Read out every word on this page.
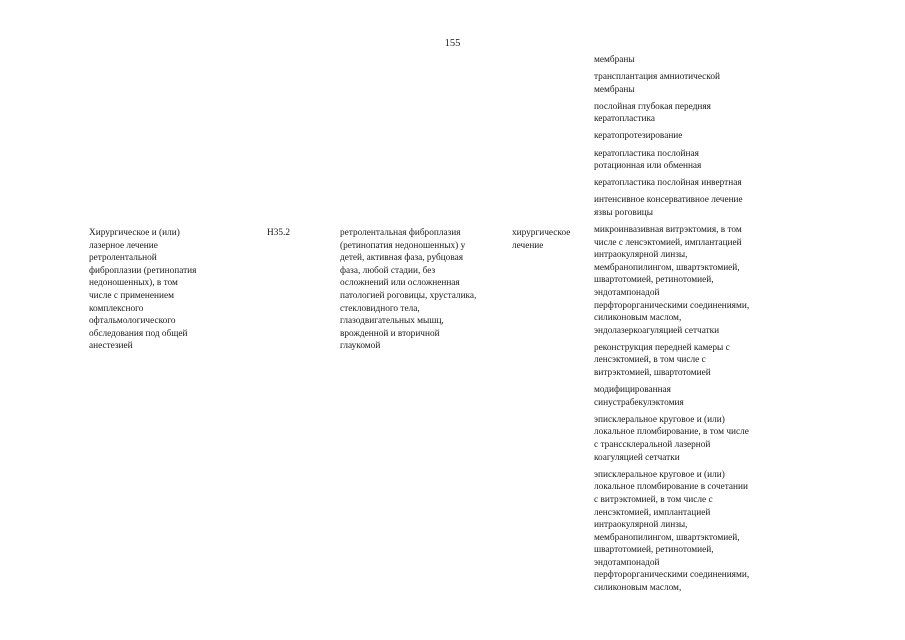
155
Хирургическое и (или)
лазерное лечение
ретролентальной
фиброплазии (ретинопатия
недоношенных), в том
числе с применением
комплексного
офтальмологического
обследования под общей
анестезией
H35.2	ретролентальная фиброплазия
(ретинопатия недоношенных) у
детей, активная фаза, рубцовая
фаза, любой стадии, без
осложнений или осложненная
патологией роговицы, хрусталика,
стекловидного тела,
глазодвигательных мышц,
врожденной и вторичной
глаукомой
хирургическое
лечение
мембраны
трансплантация амниотической
мембраны
послойная глубокая передняя
кератопластика
кератопротезирование
кератопластика послойная
ротационная или обменная
кератопластика послойная инвертная
интенсивное консервативное лечение
язвы роговицы
микроинвазивная витрэктомия, в том
числе с ленсэктомией, имплантацией
интраокулярной линзы,
мембранопилингом, швартэктомией,
швартотомией, ретинотомией,
эндотампонадой
перфторорганическими соединениями,
силиконовым маслом,
эндолазеркоагуляцией сетчатки
реконструкция передней камеры с
ленсэктомией, в том числе с
витрэктомией, швартотомией
модифицированная
синустрабекулэктомия
эписклеральное круговое и (или)
локальное пломбирование, в том числе
с транссклеральной лазерной
коагуляцией сетчатки
эписклеральное круговое и (или)
локальное пломбирование в сочетании
с витрэктомией, в том числе с
ленсэктомией, имплантацией
интраокулярной линзы,
мембранопилингом, швартэктомией,
швартотомией, ретинотомией,
эндотампонадой
перфторорганическими соединениями,
силиконовым маслом,
